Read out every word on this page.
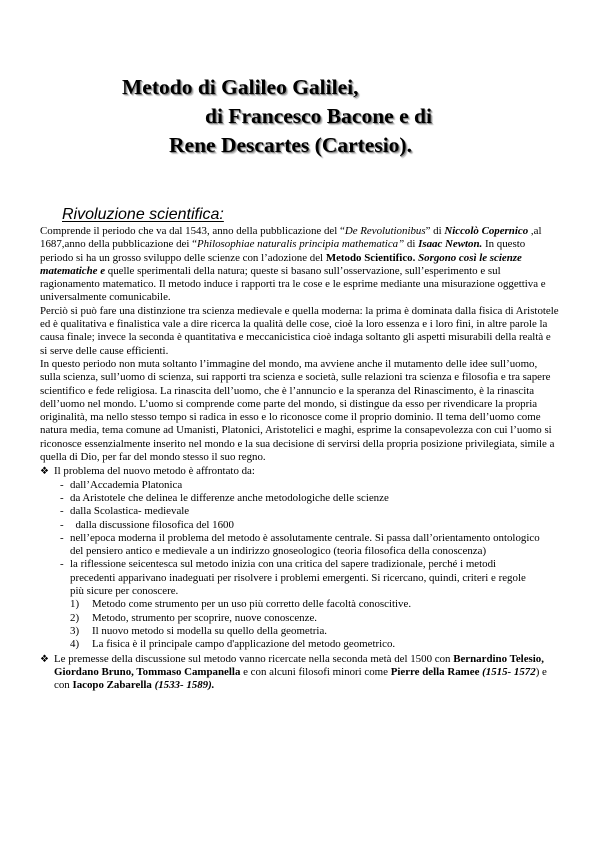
Metodo di Galileo Galilei,
di Francesco Bacone e di
Rene Descartes (Cartesio).
Rivoluzione scientifica:

Comprende il periodo che va dal 1543, anno della pubblicazione del “De Revolutionibus” di Niccolò Copernico ,al 1687,anno della pubblicazione dei “Philosophiae naturalis principia mathematica” di Isaac Newton. In questo periodo si ha un grosso sviluppo delle scienze con l’adozione del Metodo Scientifico. Sorgono così le scienze matematiche e quelle sperimentali della natura; queste si basano sull’osservazione, sull’esperimento e sul ragionamento matematico. Il metodo induce i rapporti tra le cose e le esprime mediante una misurazione oggettiva e universalmente comunicabile.

Perciò si può fare una distinzione tra scienza medievale e quella moderna: la prima è dominata dalla fisica di Aristotele ed è qualitativa e finalistica vale a dire ricerca la qualità delle cose, cioè la loro essenza e i loro fini, in altre parole la causa finale; invece la seconda è quantitativa e meccanicistica cioè indaga soltanto gli aspetti misurabili della realtà e si serve delle cause efficienti.

In questo periodo non muta soltanto l’immagine del mondo, ma avviene anche il mutamento delle idee sull’uomo, sulla scienza, sull’uomo di scienza, sui rapporti tra scienza e società, sulle relazioni tra scienza e filosofia e tra sapere scientifico e fede religiosa. La rinascita dell’uomo, che è l’annuncio e la speranza del Rinascimento, è la rinascita dell’uomo nel mondo. L’uomo si comprende come parte del mondo, si distingue da esso per rivendicare la propria originalità, ma nello stesso tempo si radica in esso e lo riconosce come il proprio dominio. Il tema dell’uomo come natura media, tema comune ad Umanisti, Platonici, Aristotelici e maghi, esprime la consapevolezza con cui l’uomo si riconosce essenzialmente inserito nel mondo e la sua decisione di servirsi della propria posizione privilegiata, simile a quella di Dio, per far del mondo stesso il suo regno.

❖ Il problema del nuovo metodo è affrontato da:
- dall’Accademia Platonica
- da Aristotele che delinea le differenze anche metodologiche delle scienze
- dalla Scolastica- medievale
- dalla discussione filosofica del 1600
- nell’epoca moderna il problema del metodo è assolutamente centrale. Si passa dall’orientamento ontologico del pensiero antico e medievale a un indirizzo gnoseologico (teoria filosofica della conoscenza)
- la riflessione seicentesca sul metodo inizia con una critica del sapere tradizionale, perché i metodi precedenti apparivano inadeguati per risolvere i problemi emergenti. Si ricercano, quindi, criteri e regole più sicure per conoscere.
1)	Metodo come strumento per un uso più corretto delle facoltà conoscitive.
2)	Metodo, strumento per scoprire, nuove conoscenze.
3)	Il nuovo metodo si modella su quello della geometria.
4)	La fisica è il principale campo d'applicazione del metodo geometrico.
❖ Le premesse della discussione sul metodo vanno ricercate nella seconda metà del 1500 con Bernardino Telesio, Giordano Bruno, Tommaso Campanella e con alcuni filosofi minori come Pierre della Ramee (1515- 1572) e con Iacopo Zabarella (1533- 1589).
